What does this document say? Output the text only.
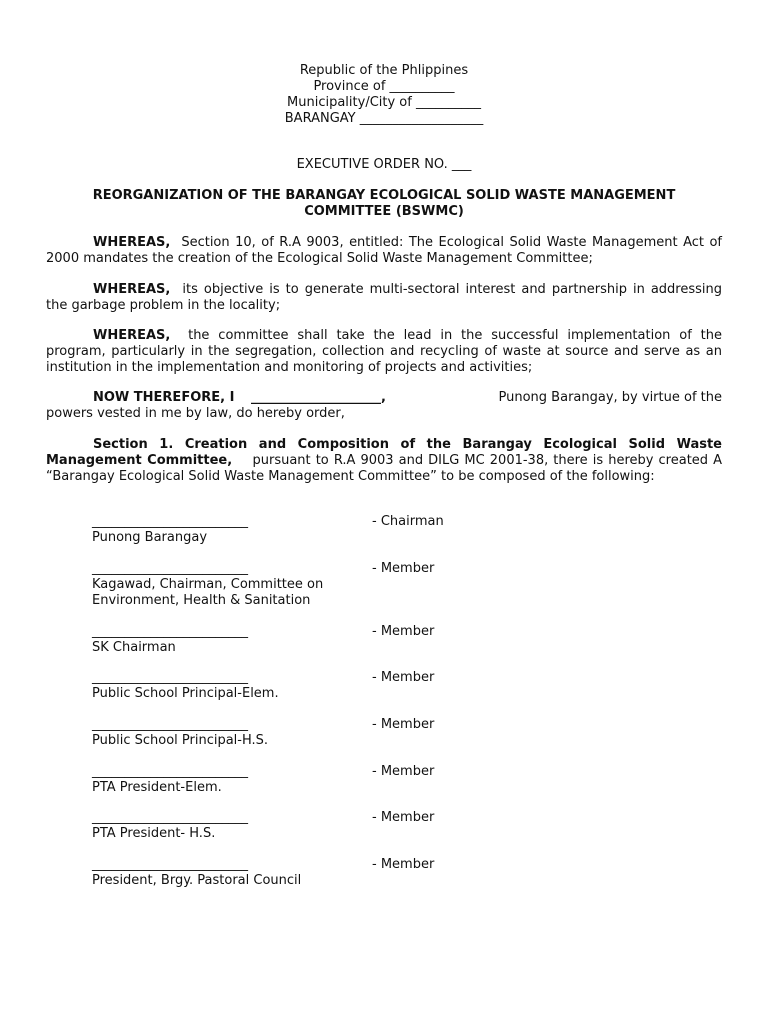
Republic of the Phlippines

Province of __________

Municipality/City of __________

BARANGAY ___________________

EXECUTIVE ORDER NO. ___

REORGANIZATION OF THE BARANGAY ECOLOGICAL SOLID WASTE MANAGEMENT

COMMITTEE (BSWMC)

WHEREAS, Section 10, of R.A 9003, entitled: The Ecological Solid Waste Management Act of 2000 mandates the creation of the Ecological Solid Waste Management Committee;

WHEREAS, its objective is to generate multi-sectoral interest and partnership in addressing the garbage problem in the locality;

WHEREAS, the committee shall take the lead in the successful implementation of the program, particularly in the segregation, collection and recycling of waste at source and serve as an institution in the implementation and monitoring of projects and activities;

NOW THEREFORE, I ____________________,	Punong Barangay, by virtue of the

powers vested in me by law, do hereby order,

Section 1. Creation and Composition of the Barangay Ecological Solid Waste Management Committee, pursuant to R.A 9003 and DILG MC 2001-38, there is hereby created A “Barangay Ecological Solid Waste Management Committee” to be composed of the following:

________________________	- Chairman

Punong Barangay

________________________	- Member

Kagawad, Chairman, Committee on

Environment, Health & Sanitation

________________________	- Member

SK Chairman

________________________	- Member

Public School Principal-Elem.

________________________	- Member

Public School Principal-H.S.

________________________	- Member

PTA President-Elem.

________________________	- Member

PTA President- H.S.

________________________	- Member

President, Brgy. Pastoral Council
